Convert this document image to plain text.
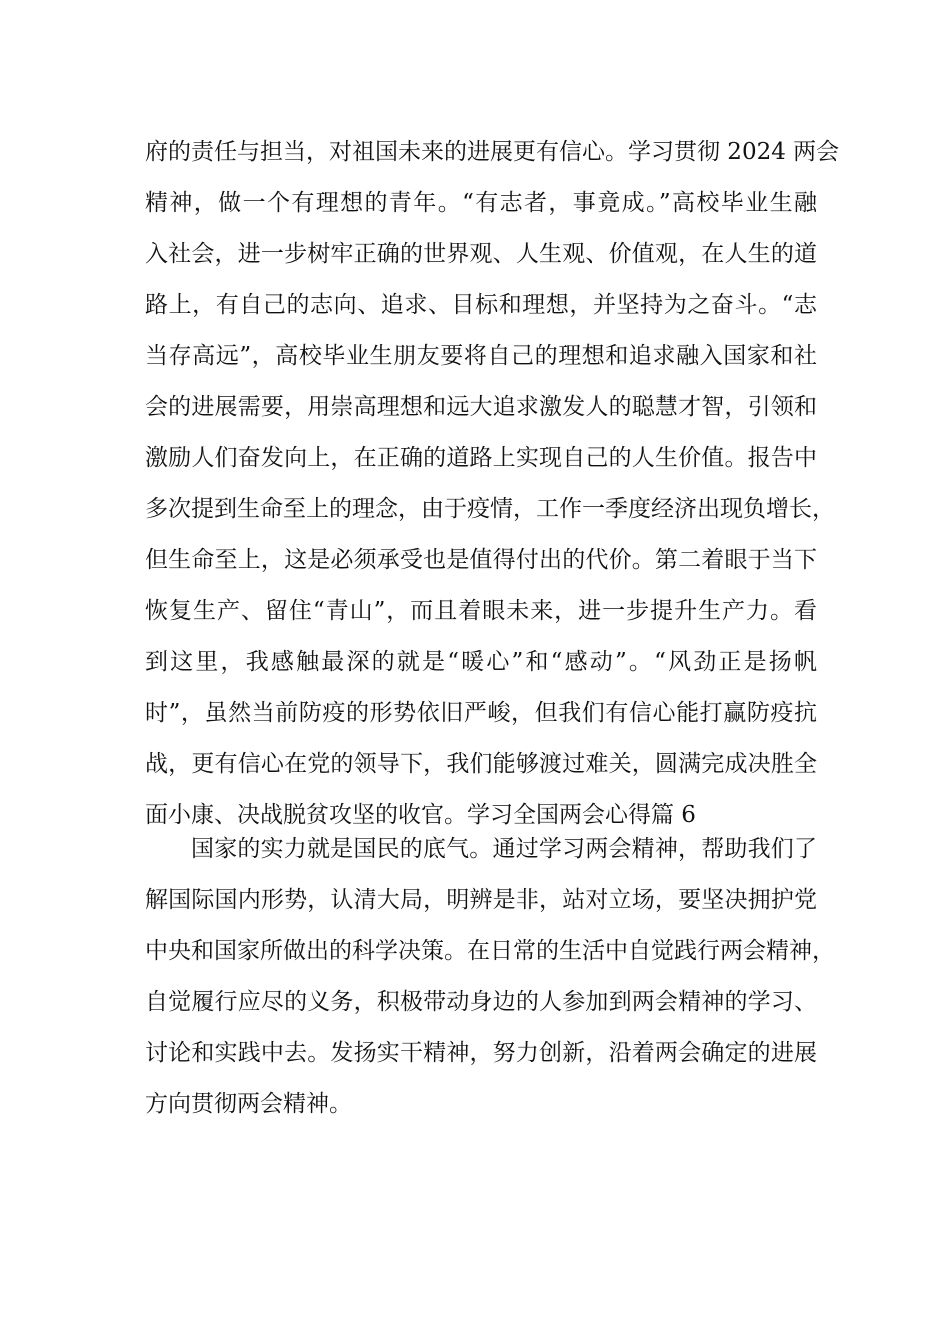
府的责任与担当，对祖国未来的进展更有信心。学习贯彻 2024 两会
精神，做一个有理想的青年。“有志者，事竟成。”高校毕业生融
入社会，进一步树牢正确的世界观、人生观、价值观，在人生的道
路上，有自己的志向、追求、目标和理想，并坚持为之奋斗。“志
当存高远”，高校毕业生朋友要将自己的理想和追求融入国家和社
会的进展需要，用崇高理想和远大追求激发人的聪慧才智，引领和
激励人们奋发向上，在正确的道路上实现自己的人生价值。报告中
多次提到生命至上的理念，由于疫情，工作一季度经济出现负增长，
但生命至上，这是必须承受也是值得付出的代价。第二着眼于当下
恢复生产、留住“青山”，而且着眼未来，进一步提升生产力。看
到这里，我感触最深的就是“暖心”和“感动”。“风劲正是扬帆
时”，虽然当前防疫的形势依旧严峻，但我们有信心能打赢防疫抗
战，更有信心在党的领导下，我们能够渡过难关，圆满完成决胜全
面小康、决战脱贫攻坚的收官。学习全国两会心得篇 6
国家的实力就是国民的底气。通过学习两会精神，帮助我们了
解国际国内形势，认清大局，明辨是非，站对立场，要坚决拥护党
中央和国家所做出的科学决策。在日常的生活中自觉践行两会精神，
自觉履行应尽的义务，积极带动身边的人参加到两会精神的学习、
讨论和实践中去。发扬实干精神，努力创新，沿着两会确定的进展
方向贯彻两会精神。
